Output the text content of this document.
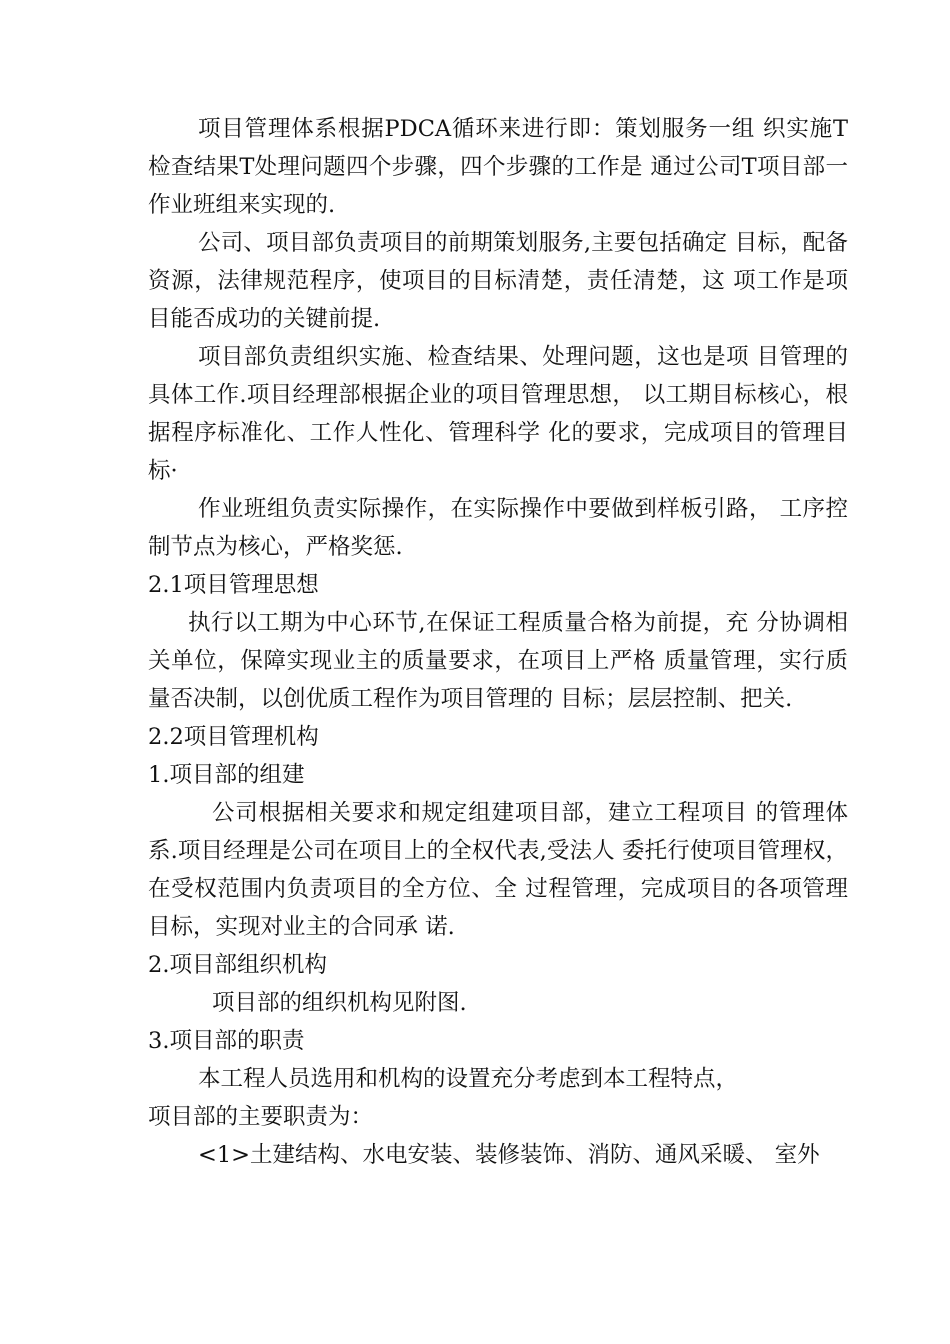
项目管理体系根据PDCA循环来进行即：策划服务一组 织实施T检查结果T处理问题四个步骤，四个步骤的工作是 通过公司T项目部一作业班组来实现的.

公司、项目部负责项目的前期策划服务,主要包括确定 目标，配备资源，法律规范程序，使项目的目标清楚，责任清楚，这 项工作是项目能否成功的关键前提.

项目部负责组织实施、检查结果、处理问题，这也是项 目管理的具体工作.项目经理部根据企业的项目管理思想， 以工期目标核心，根据程序标准化、工作人性化、管理科学 化的要求，完成项目的管理目标·

作业班组负责实际操作，在实际操作中要做到样板引路， 工序控制节点为核心，严格奖惩.

2.1项目管理思想

执行以工期为中心环节,在保证工程质量合格为前提，充 分协调相关单位，保障实现业主的质量要求，在项目上严格 质量管理，实行质量否决制，以创优质工程作为项目管理的 目标；层层控制、把关.

2.2项目管理机构

1.项目部的组建

公司根据相关要求和规定组建项目部，建立工程项目 的管理体系.项目经理是公司在项目上的全权代表,受法人 委托行使项目管理权，在受权范围内负责项目的全方位、全 过程管理，完成项目的各项管理目标，实现对业主的合同承 诺.

2.项目部组织机构

项目部的组织机构见附图.

3.项目部的职责

本工程人员选用和机构的设置充分考虑到本工程特点，

项目部的主要职责为：

<1>土建结构、水电安装、装修装饰、消防、通风采暖、 室外
